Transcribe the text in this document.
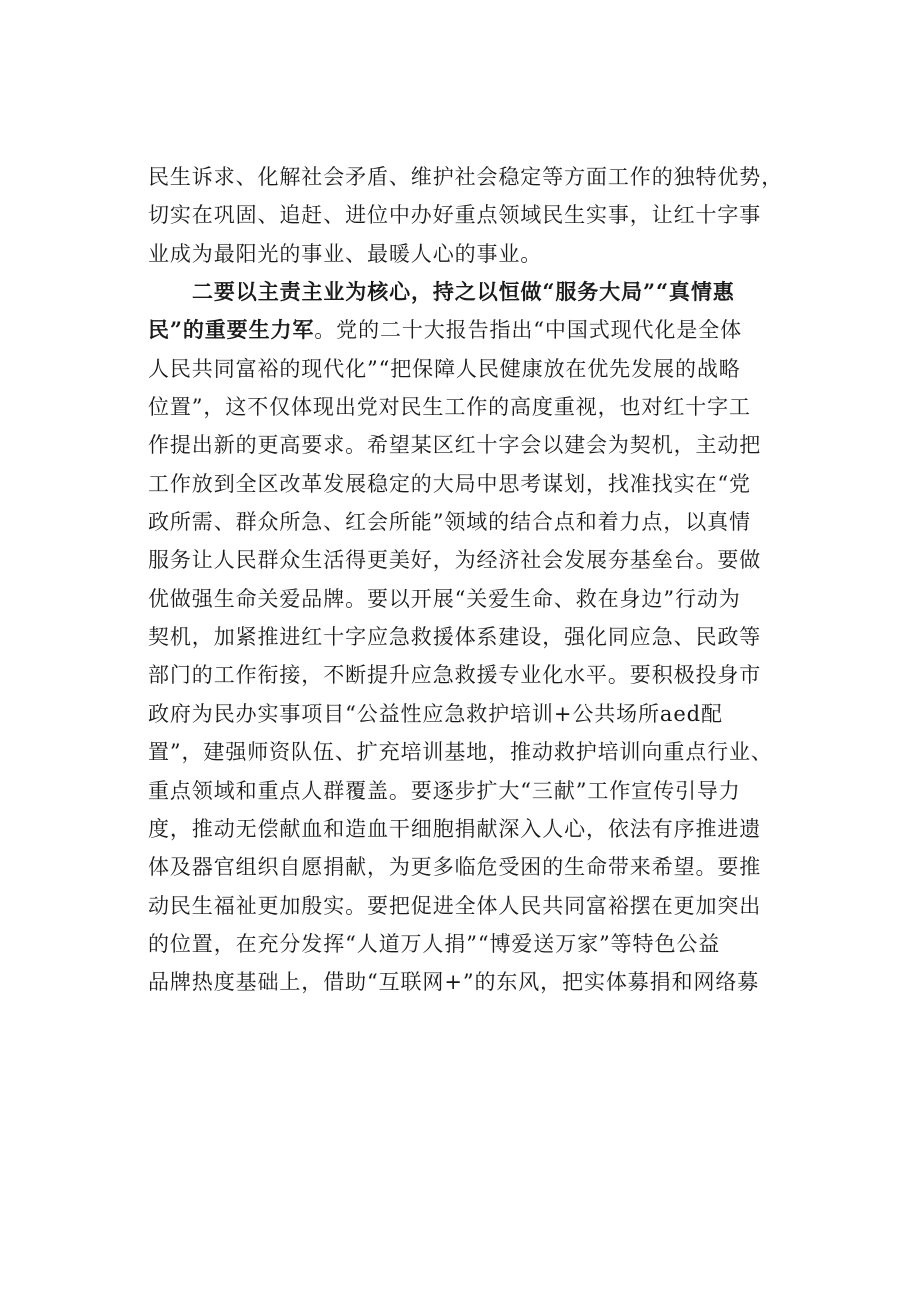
民生诉求、化解社会矛盾、维护社会稳定等方面工作的独特优势，
切实在巩固、追赶、进位中办好重点领域民生实事，让红十字事
业成为最阳光的事业、最暖人心的事业。
二要以主责主业为核心，持之以恒做“服务大局”“真情惠
民”的重要生力军。党的二十大报告指出“中国式现代化是全体
人民共同富裕的现代化”“把保障人民健康放在优先发展的战略
位置”，这不仅体现出党对民生工作的高度重视，也对红十字工
作提出新的更高要求。希望某区红十字会以建会为契机，主动把
工作放到全区改革发展稳定的大局中思考谋划，找准找实在“党
政所需、群众所急、红会所能”领域的结合点和着力点，以真情
服务让人民群众生活得更美好，为经济社会发展夯基垒台。要做
优做强生命关爱品牌。要以开展“关爱生命、救在身边”行动为
契机，加紧推进红十字应急救援体系建设，强化同应急、民政等
部门的工作衔接，不断提升应急救援专业化水平。要积极投身市
政府为民办实事项目“公益性应急救护培训+公共场所aed配
置”，建强师资队伍、扩充培训基地，推动救护培训向重点行业、
重点领域和重点人群覆盖。要逐步扩大“三献”工作宣传引导力
度，推动无偿献血和造血干细胞捐献深入人心，依法有序推进遗
体及器官组织自愿捐献，为更多临危受困的生命带来希望。要推
动民生福祉更加殷实。要把促进全体人民共同富裕摆在更加突出
的位置，在充分发挥“人道万人捐”“博爱送万家”等特色公益
品牌热度基础上，借助“互联网+”的东风，把实体募捐和网络募
